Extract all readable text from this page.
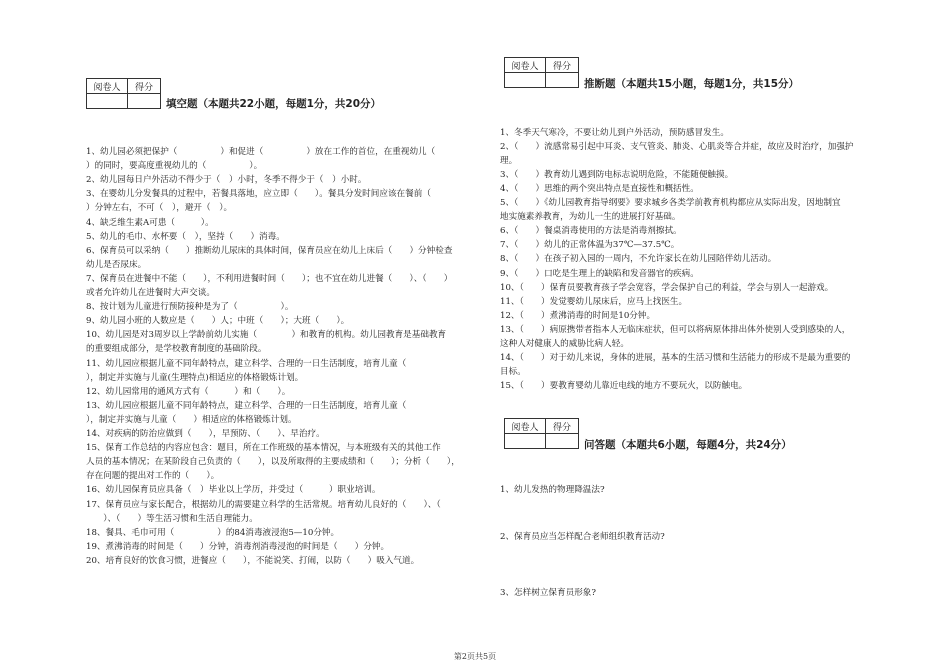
阅卷人	得分

填空题（本题共22小题，每题1分，共20分）
1、幼儿园必须把保护（　　　　　）和促进（　　　　　）放在工作的首位，在重视幼儿（　　
）的同时，要高度重视幼儿的（　　　　　）。
2、幼儿园每日户外活动不得少于（　）小时，冬季不得少于（　）小时。
3、在婴幼儿分发餐具的过程中，若餐具落地，应立即（　　）。餐具分发时间应该在餐前（
）分钟左右，不可（　），避开（　）。
4、缺乏维生素A可患（　　　）。
5、幼儿的毛巾、水杯要（　），坚持（　　）消毒。
6、保育员可以采纳（　　）推断幼儿尿床的具体时间，保育员应在幼儿上床后（　　）分钟检查
幼儿是否尿床。
7、保育员在进餐中不能（　　），不利用进餐时间（　　）；也不宜在幼儿进餐（　　）、（　　）
或者允许幼儿在进餐时大声交谈。
8、按计划为儿童进行预防接种是为了（　　　　　）。
9、幼儿园小班的人数应是（　　）人；中班（　　）；大班（　　）。
10、幼儿园是对3周岁以上学龄前幼儿实施（　　　　）和教育的机构。幼儿园教育是基础教育
的重要组成部分，是学校教育制度的基础阶段。
11、幼儿园应根据儿童不同年龄特点，建立科学、合理的一日生活制度，培育儿童（　　
），制定并实施与儿童(生理特点)相适应的体格锻炼计划。
12、幼儿园常用的通风方式有（　　　）和（　　）。
13、幼儿园应根据儿童不同年龄特点，建立科学、合理的一日生活制度，培育儿童（　　
），制定并实施与儿童（　　）相适应的体格锻炼计划。
14、对疾病的防治应做到（　　），早预防、（　　）、早治疗。
15、保育工作总结的内容应包含：题目，所在工作班级的基本情况，与本班级有关的其他工作
人员的基本情况；在某阶段自己负责的（　　），以及所取得的主要成绩和（　　）；分析（　　），
存在问题的提出对工作的（　　）。
16、幼儿园保育员应具备（　）毕业以上学历，并受过（　　　）职业培训。
17、保育员应与家长配合，根据幼儿的需要建立科学的生活常规。培育幼儿良好的（　　）、（
　　）、（　　）等生活习惯和生活自理能力。
18、餐具、毛巾可用（　　　　　）的84消毒液浸泡5—10分钟。
19、煮沸消毒的时间是（　　）分钟，消毒剂消毒浸泡的时间是（　　）分钟。
20、培育良好的饮食习惯，进餐应（　　），不能说笑、打闹，以防（　　）吸入气道。
阅卷人	得分

推断题（本题共15小题，每题1分，共15分）
1、冬季天气寒冷，不要让幼儿到户外活动，预防感冒发生。
2、（　　）流感常易引起中耳炎、支气管炎、肺炎、心肌炎等合并症，故应及时治疗，加强护
理。
3、（　　）教育幼儿遇到防电标志说明危险，不能随便触摸。
4、（　　）思维的两个突出特点是直接性和概括性。
5、（　　）《幼儿园教育指导纲要》要求城乡各类学前教育机构都应从实际出发，因地制宜
地实施素养教育，为幼儿一生的进展打好基础。
6、（　　）餐桌消毒使用的方法是消毒剂擦拭。
7、（　　）幼儿的正常体温为37℃—37.5℃。
8、（　　）在孩子初入园的一周内，不允许家长在幼儿园陪伴幼儿活动。
9、（　　）口吃是生理上的缺陷和发音器官的疾病。
10、（　　）保育员要教育孩子学会宽容，学会保护自己的利益，学会与别人一起游戏。
11、（　　）发觉婴幼儿尿床后，应马上找医生。
12、（　　）煮沸消毒的时间是10分钟。
13、（　　）病原携带者指本人无临床症状，但可以将病原体排出体外使别人受到感染的人，
这种人对健康人的威胁比病人轻。
14、（　　）对于幼儿来说，身体的进展，基本的生活习惯和生活能力的形成不是最为重要的
目标。
15、（　　）要教育婴幼儿靠近电线的地方不要玩火，以防触电。
阅卷人	得分

问答题（本题共6小题，每题4分，共24分）
1、幼儿发热的物理降温法?
2、保育员应当怎样配合老师组织教育活动?
3、怎样树立保育员形象?
第2页共5页
